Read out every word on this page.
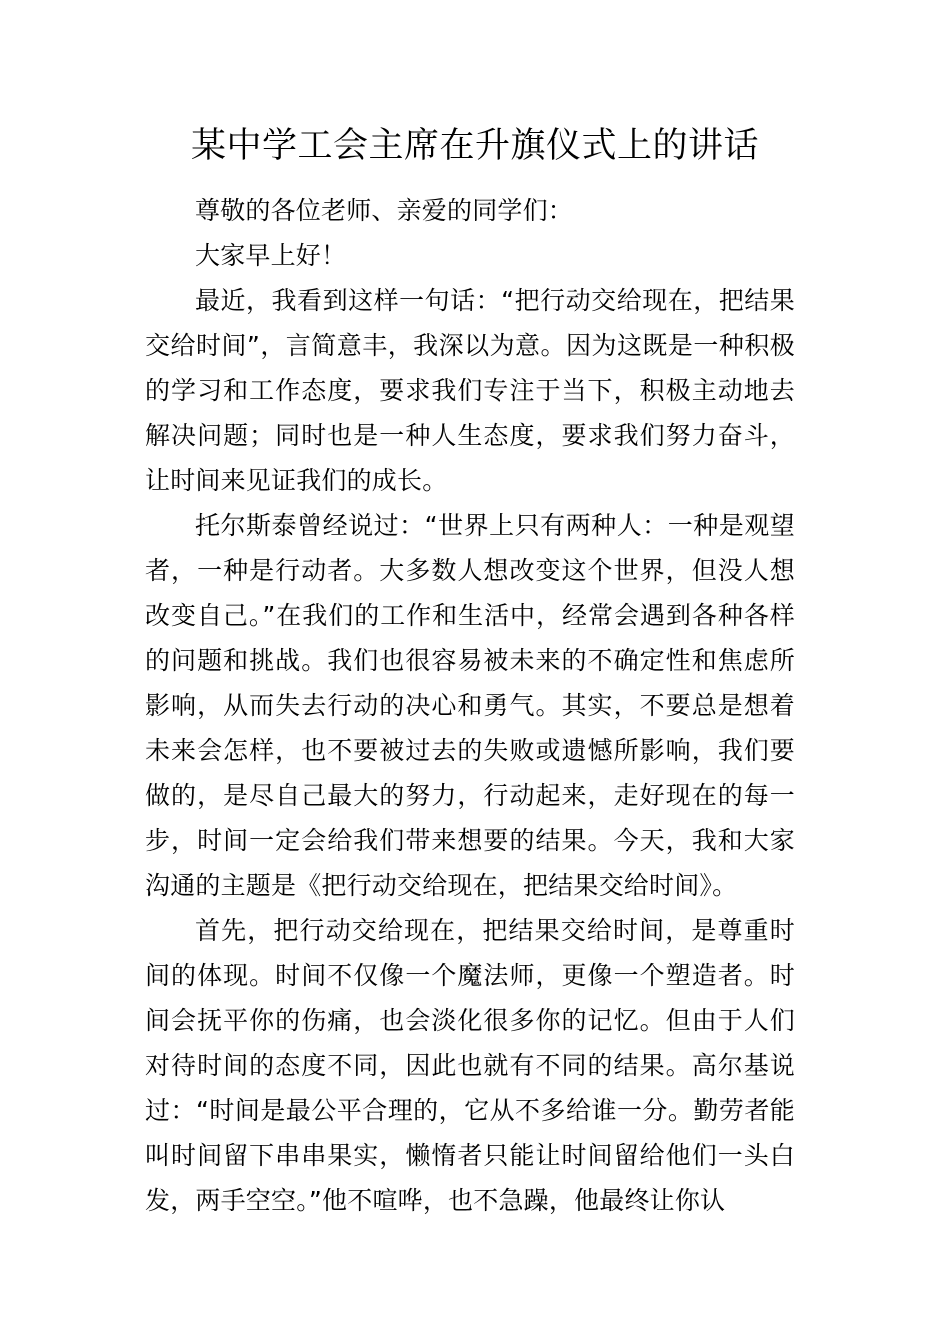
某中学工会主席在升旗仪式上的讲话

尊敬的各位老师、亲爱的同学们：

大家早上好！

最近，我看到这样一句话：“把行动交给现在，把结果交给时间”，言简意丰，我深以为意。因为这既是一种积极的学习和工作态度，要求我们专注于当下，积极主动地去解决问题；同时也是一种人生态度，要求我们努力奋斗，让时间来见证我们的成长。

托尔斯泰曾经说过：“世界上只有两种人：一种是观望者，一种是行动者。大多数人想改变这个世界，但没人想改变自己。”在我们的工作和生活中，经常会遇到各种各样的问题和挑战。我们也很容易被未来的不确定性和焦虑所影响，从而失去行动的决心和勇气。其实，不要总是想着未来会怎样，也不要被过去的失败或遗憾所影响，我们要做的，是尽自己最大的努力，行动起来，走好现在的每一步，时间一定会给我们带来想要的结果。今天，我和大家沟通的主题是《把行动交给现在，把结果交给时间》。

首先，把行动交给现在，把结果交给时间，是尊重时间的体现。时间不仅像一个魔法师，更像一个塑造者。时间会抚平你的伤痛，也会淡化很多你的记忆。但由于人们对待时间的态度不同，因此也就有不同的结果。高尔基说过：“时间是最公平合理的，它从不多给谁一分。勤劳者能叫时间留下串串果实，懒惰者只能让时间留给他们一头白发，两手空空。”他不喧哗，也不急躁，他最终让你认
